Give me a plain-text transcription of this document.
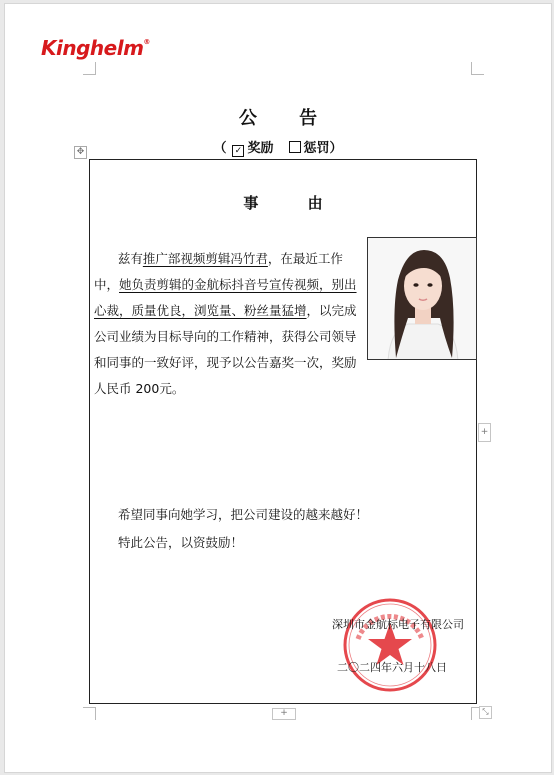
Kinghelm®
公 告
（ ✓ 奖励 惩罚）
✥
事 由
兹有推广部视频剪辑冯竹君，在最近工作
中，她负责剪辑的金航标抖音号宣传视频，别出
心裁，质量优良，浏览量、粉丝量猛增，以完成
公司业绩为目标导向的工作精神，获得公司领导
和同事的一致好评，现予以公告嘉奖一次，奖励
人民币 200元。
希望同事向她学习，把公司建设的越来越好！
特此公告，以资鼓励！
深圳市金航标电子有限公司
二〇二四年六月十八日
+
+	⤡
